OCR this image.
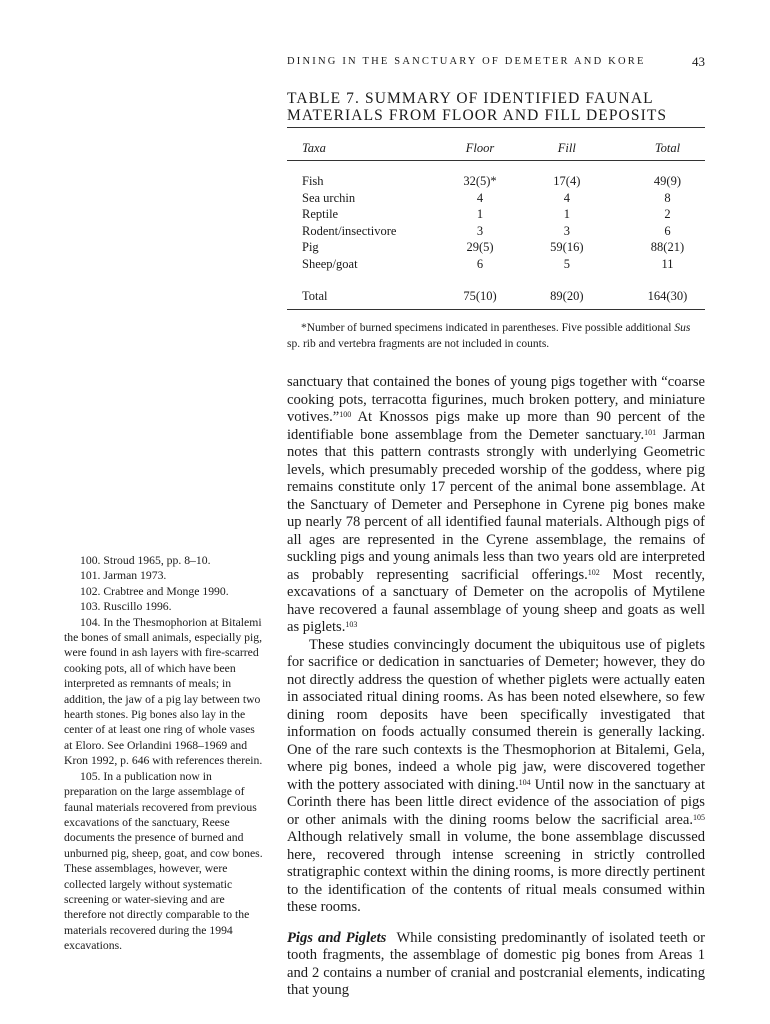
DINING IN THE SANCTUARY OF DEMETER AND KORE	43
TABLE 7. SUMMARY OF IDENTIFIED FAUNAL
MATERIALS FROM FLOOR AND FILL DEPOSITS
Taxa	Floor	Fill	Total
Fish	32(5)*	17(4)	49(9)
Sea urchin	4	4	8
Reptile	1	1	2
Rodent/insectivore	3	3	6
Pig	29(5)	59(16)	88(21)
Sheep/goat	6	5	11
Total	75(10)	89(20)	164(30)
*Number of burned specimens indicated in parentheses. Five possible additional Sus sp. rib and vertebra fragments are not included in counts.

sanctuary that contained the bones of young pigs together with “coarse cooking pots, terracotta figurines, much broken pottery, and miniature votives.”$^{100}$ At Knossos pigs make up more than 90 percent of the identifiable bone assemblage from the Demeter sanctuary.$^{101}$ Jarman notes that this pattern contrasts strongly with underlying Geometric levels, which presumably preceded worship of the goddess, where pig remains constitute only 17 percent of the animal bone assemblage. At the Sanctuary of Demeter and Persephone in Cyrene pig bones make up nearly 78 percent of all identified faunal materials. Although pigs of all ages are represented in the Cyrene assemblage, the remains of suckling pigs and young animals less than two years old are interpreted as probably representing sacrificial offerings.$^{102}$ Most recently, excavations of a sanctuary of Demeter on the acropolis of Mytilene have recovered a faunal assemblage of young sheep and goats as well as piglets.$^{103}$

These studies convincingly document the ubiquitous use of piglets for sacrifice or dedication in sanctuaries of Demeter; however, they do not directly address the question of whether piglets were actually eaten in associated ritual dining rooms. As has been noted elsewhere, so few dining room deposits have been specifically investigated that information on foods actually consumed therein is generally lacking. One of the rare such contexts is the Thesmophorion at Bitalemi, Gela, where pig bones, indeed a whole pig jaw, were discovered together with the pottery associated with dining.$^{104}$ Until now in the sanctuary at Corinth there has been little direct evidence of the association of pigs or other animals with the dining rooms below the sacrificial area.$^{105}$ Although relatively small in volume, the bone assemblage discussed here, recovered through intense screening in strictly controlled stratigraphic context within the dining rooms, is more directly pertinent to the identification of the contents of ritual meals consumed within these rooms.

Pigs and Piglets While consisting predominantly of isolated teeth or tooth fragments, the assemblage of domestic pig bones from Areas 1 and 2 contains a number of cranial and postcranial elements, indicating that young

100. Stroud 1965, pp. 8–10.
101. Jarman 1973.
102. Crabtree and Monge 1990.
103. Ruscillo 1996.
104. In the Thesmophorion at Bitalemi the bones of small animals, especially pig, were found in ash layers with fire-scarred cooking pots, all of which have been interpreted as remnants of meals; in addition, the jaw of a pig lay between two hearth stones. Pig bones also lay in the center of at least one ring of whole vases at Eloro. See Orlandini 1968–1969 and Kron 1992, p. 646 with references therein.
105. In a publication now in preparation on the large assemblage of faunal materials recovered from previous excavations of the sanctuary, Reese documents the presence of burned and unburned pig, sheep, goat, and cow bones. These assemblages, however, were collected largely without systematic screening or water-sieving and are therefore not directly comparable to the materials recovered during the 1994 excavations.
